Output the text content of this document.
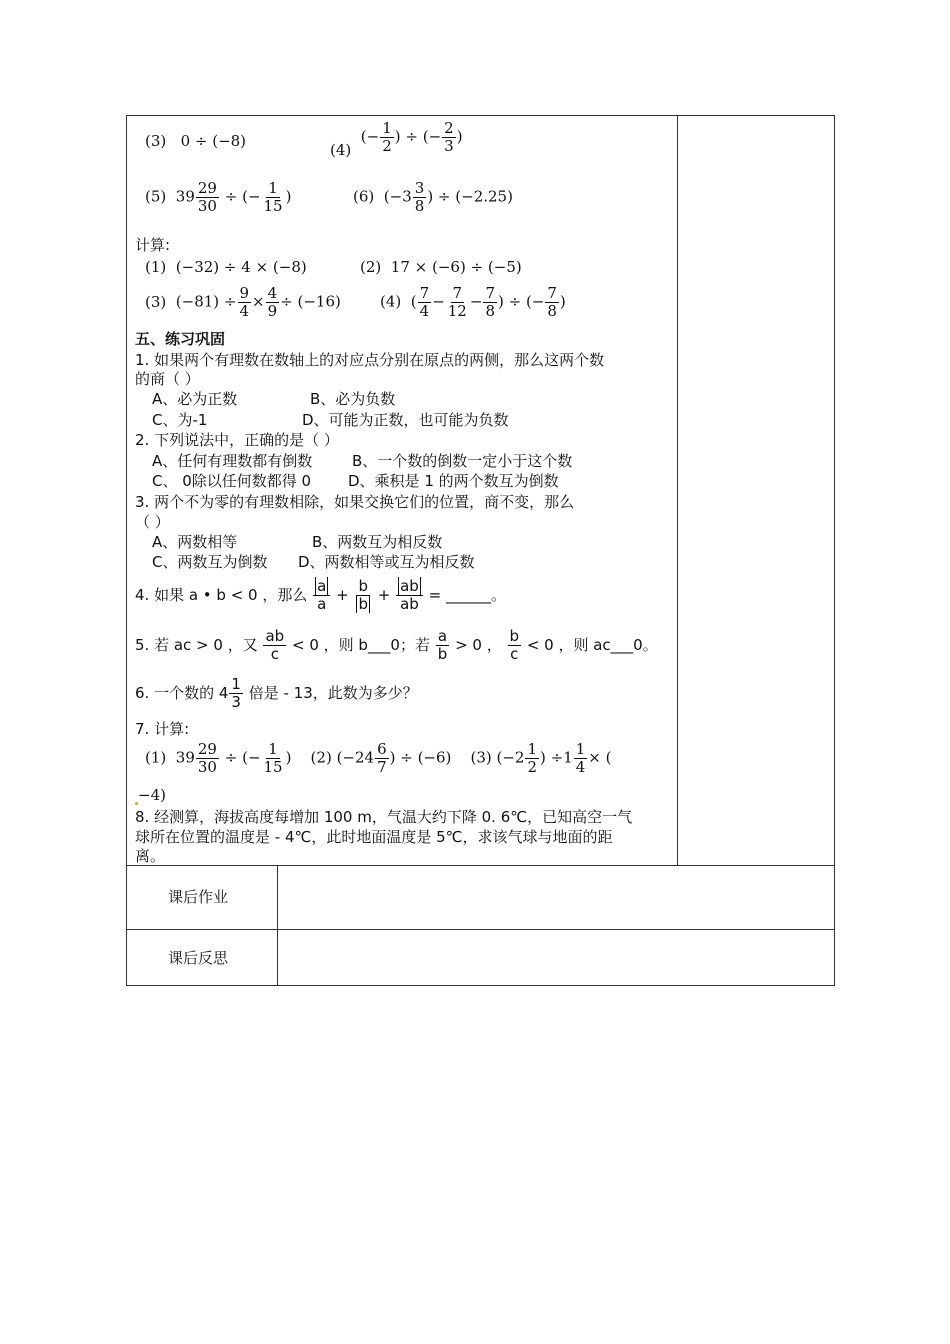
(3) 0 ÷ (−8)	(4)  (− $\frac{1}{2}$ ) ÷ (− $\frac{2}{3}$ )
(5) $39 \frac{29}{30}$ ÷ (− $\frac{1}{15}$ )	(6)  ($-3 \frac{3}{8}$ ) ÷ (−2.25)
计算:
(1) (−32) ÷ 4 × (−8)	(2) 17 × (−6) ÷ (−5)
(3) $(-81) \div \frac{9}{4} \times \frac{4}{9} \div (-16)$	(4)  ( $\frac{7}{4} - \frac{7}{12} - \frac{7}{8}$ ) ÷ (− $\frac{7}{8}$ )
五、练习巩固
1. 如果两个有理数在数轴上的对应点分别在原点的两侧，那么这两个数
的商（ ）
A、必为正数	B、必为负数
C、为-1	D、可能为正数，也可能为负数
2. 下列说法中，正确的是（ ）
A、任何有理数都有倒数	B、一个数的倒数一定小于这个数
C、 0除以任何数都得 0 D、乘积是 1 的两个数互为倒数
3. 两个不为零的有理数相除，如果交换它们的位置，商不变，那么
（ ）
A、两数相等	B、两数互为相反数
C、两数互为倒数 D、两数相等或互为相反数
4. 如果 a • b < 0 ，那么 $\frac{a}{a} + \frac{b}{b} + \frac{ab}{ab}$ = ______。
5. 若 ac > 0 ，又 $\frac{ab}{c} < 0$ ，则 b___0；若 $\frac{a}{b} > 0$ ， $\frac{b}{c} < 0$ ，则 ac___0。
6. 一个数的 $4 \frac{1}{3}$ 倍是 - 13，此数为多少？
7. 计算:
(1) $39 \frac{29}{30}$ ÷ (− $\frac{1}{15}$ )    (2) ($-24 \frac{6}{7}$ ) ÷ (−6) (3) ($-2 \frac{1}{2}$ ) $\div 1 \frac{1}{4}$ × (
−4)
8. 经测算，海拔高度每增加 100 m，气温大约下降 0. 6℃，已知高空一气
球所在位置的温度是 - 4℃，此时地面温度是 5℃，求该气球与地面的距
离。
课后作业
课后反思
